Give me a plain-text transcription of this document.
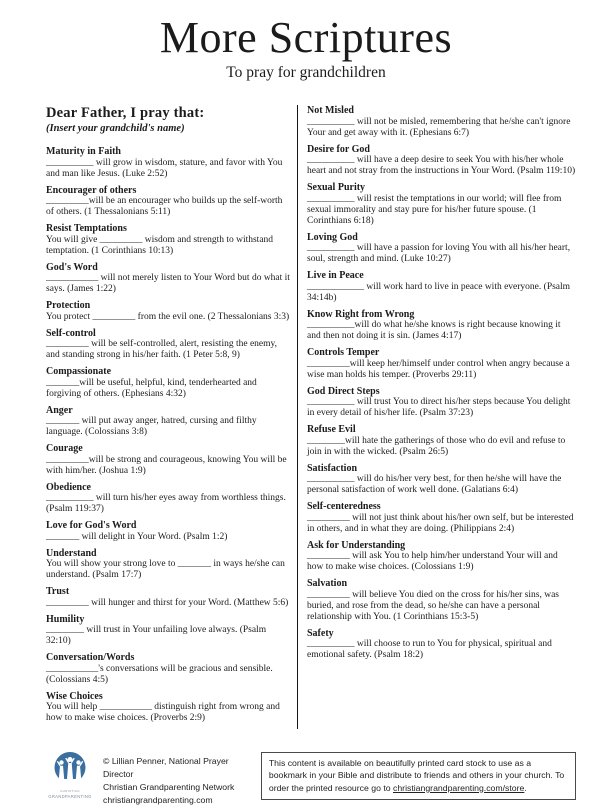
More Scriptures
To pray for grandchildren
Dear Father, I pray that:
(Insert your grandchild's name)
Maturity in Faith
__________ will grow in wisdom, stature, and favor with You and man like Jesus. (Luke 2:52)
Encourager of others
_________will be an encourager who builds up the self-worth of others. (1 Thessalonians 5:11)
Resist Temptations
You will give _________ wisdom and strength to withstand temptation. (1 Corinthians 10:13)
God's Word
___________ will not merely listen to Your Word but do what it says. (James 1:22)
Protection
You protect _________ from the evil one. (2 Thessalonians 3:3)
Self-control
_________ will be self-controlled, alert, resisting the enemy, and standing strong in his/her faith. (1 Peter 5:8, 9)
Compassionate
_______will be useful, helpful, kind, tenderhearted and forgiving of others. (Ephesians 4:32)
Anger
_______ will put away anger, hatred, cursing and filthy language. (Colossians 3:8)
Courage
_________will be strong and courageous, knowing You will be with him/her. (Joshua 1:9)
Obedience
__________ will turn his/her eyes away from worthless things. (Psalm 119:37)
Love for God's Word
_______ will delight in Your Word. (Psalm 1:2)
Understand
You will show your strong love to _______ in ways he/she can understand. (Psalm 17:7)
Trust
_________ will hunger and thirst for your Word. (Matthew 5:6)
Humility
________ will trust in Your unfailing love always. (Psalm 32:10)
Conversation/Words
___________'s conversations will be gracious and sensible. (Colossians 4:5)
Wise Choices
You will help ___________ distinguish right from wrong and how to make wise choices. (Proverbs 2:9)
Not Misled
__________ will not be misled, remembering that he/she can't ignore Your and get away with it. (Ephesians 6:7)
Desire for God
__________ will have a deep desire to seek You with his/her whole heart and not stray from the instructions in Your Word. (Psalm 119:10)
Sexual Purity
__________ will resist the temptations in our world; will flee from sexual immorality and stay pure for his/her future spouse. (1 Corinthians 6:18)
Loving God
__________ will have a passion for loving You with all his/her heart, soul, strength and mind. (Luke 10:27)
Live in Peace
____________ will work hard to live in peace with everyone. (Psalm 34:14b)
Know Right from Wrong
__________will do what he/she knows is right because knowing it and then not doing it is sin. (James 4:17)
Controls Temper
_________will keep her/himself under control when angry because a wise man holds his temper. (Proverbs 29:11)
God Direct Steps
__________ will trust You to direct his/her steps because You delight in every detail of his/her life. (Psalm 37:23)
Refuse Evil
________will hate the gatherings of those who do evil and refuse to join in with the wicked. (Psalm 26:5)
Satisfaction
__________ will do his/her very best, for then he/she will have the personal satisfaction of work well done. (Galatians 6:4)
Self-centeredness
_________ will not just think about his/her own self, but be interested in others, and in what they are doing. (Philippians 2:4)
Ask for Understanding
_________ will ask You to help him/her understand Your will and how to make wise choices. (Colossians 1:9)
Salvation
_________ will believe You died on the cross for his/her sins, was buried, and rose from the dead, so he/she can have a personal relationship with You. (1 Corinthians 15:3-5)
Safety
__________ will choose to run to You for physical, spiritual and emotional safety. (Psalm 18:2)
CHRISTIAN
GRANDPARENTING
© Lillian Penner, National Prayer Director
Christian Grandparenting Network
christiangrandparenting.com
This content is available on beautifully printed card stock to use as a bookmark in your Bible and distribute to friends and others in your church. To order the printed resource go to christiangrandparenting.com/store.
